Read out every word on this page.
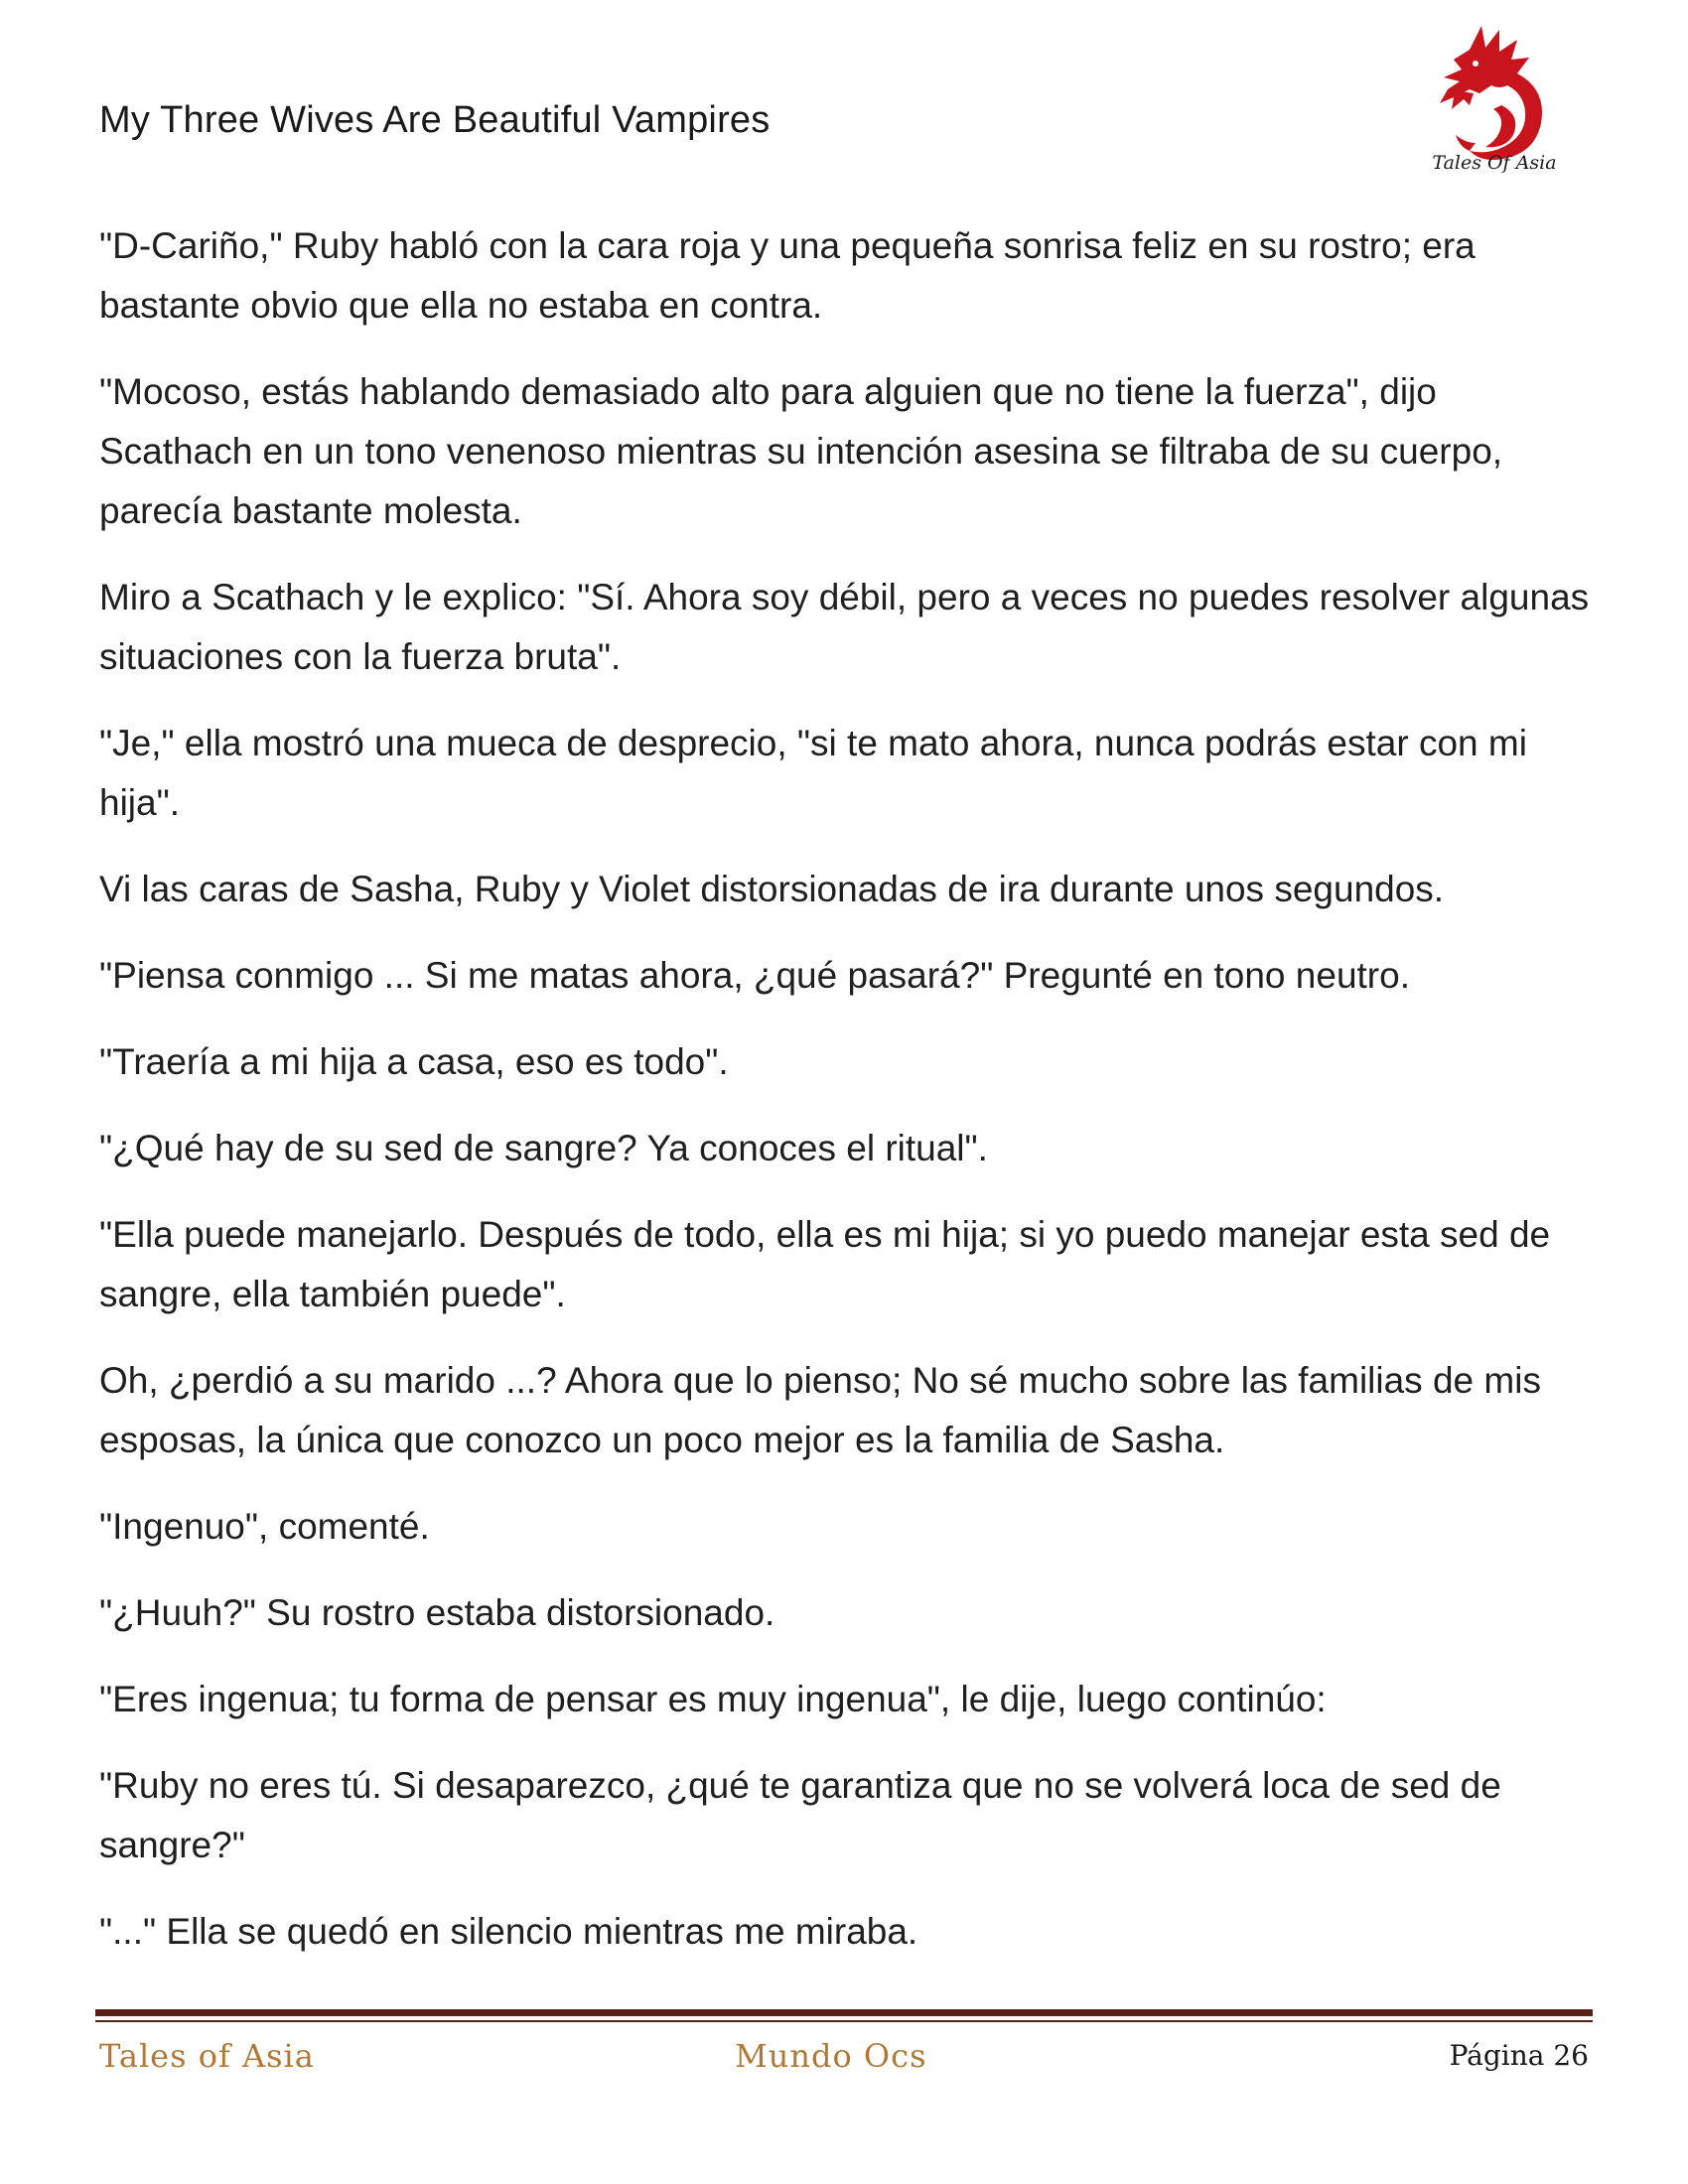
My Three Wives Are Beautiful Vampires
Tales Of Asia

"D-Cariño," Ruby habló con la cara roja y una pequeña sonrisa feliz en su rostro; era bastante obvio que ella no estaba en contra.

"Mocoso, estás hablando demasiado alto para alguien que no tiene la fuerza", dijo Scathach en un tono venenoso mientras su intención asesina se filtraba de su cuerpo, parecía bastante molesta.

Miro a Scathach y le explico: "Sí. Ahora soy débil, pero a veces no puedes resolver algunas situaciones con la fuerza bruta".

"Je," ella mostró una mueca de desprecio, "si te mato ahora, nunca podrás estar con mi hija".

Vi las caras de Sasha, Ruby y Violet distorsionadas de ira durante unos segundos.

"Piensa conmigo ... Si me matas ahora, ¿qué pasará?" Pregunté en tono neutro.

"Traería a mi hija a casa, eso es todo".

"¿Qué hay de su sed de sangre? Ya conoces el ritual".

"Ella puede manejarlo. Después de todo, ella es mi hija; si yo puedo manejar esta sed de sangre, ella también puede".

Oh, ¿perdió a su marido ...? Ahora que lo pienso; No sé mucho sobre las familias de mis esposas, la única que conozco un poco mejor es la familia de Sasha.

"Ingenuo", comenté.

"¿Huuh?" Su rostro estaba distorsionado.

"Eres ingenua; tu forma de pensar es muy ingenua", le dije, luego continúo:

"Ruby no eres tú. Si desaparezco, ¿qué te garantiza que no se volverá loca de sed de sangre?"

"..." Ella se quedó en silencio mientras me miraba.

Tales of Asia	Mundo Ocs	Página 26
